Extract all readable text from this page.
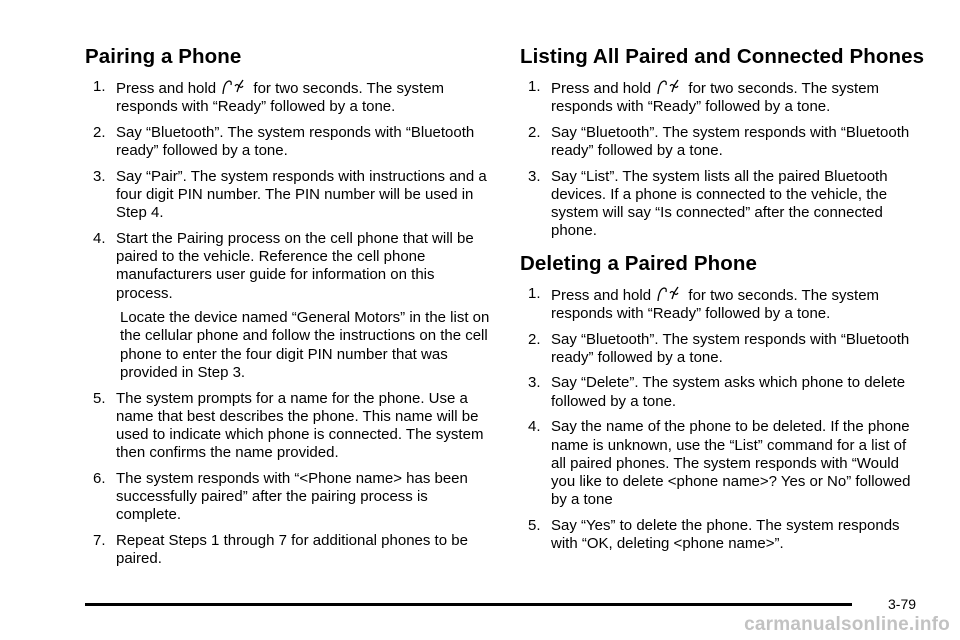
Pairing a Phone
1. Press and hold for two seconds. The system responds with “Ready” followed by a tone.
2. Say “Bluetooth”. The system responds with “Bluetooth ready” followed by a tone.
3. Say “Pair”. The system responds with instructions and a four digit PIN number. The PIN number will be used in Step 4.
4. Start the Pairing process on the cell phone that will be paired to the vehicle. Reference the cell phone manufacturers user guide for information on this process.

Locate the device named “General Motors” in the list on the cellular phone and follow the instructions on the cell phone to enter the four digit PIN number that was provided in Step 3.

5. The system prompts for a name for the phone. Use a name that best describes the phone. This name will be used to indicate which phone is connected. The system then confirms the name provided.
6. The system responds with “<Phone name> has been successfully paired” after the pairing process is complete.
7. Repeat Steps 1 through 7 for additional phones to be paired.
Listing All Paired and Connected Phones
1. Press and hold for two seconds. The system responds with “Ready” followed by a tone.
2. Say “Bluetooth”. The system responds with “Bluetooth ready” followed by a tone.
3. Say “List”. The system lists all the paired Bluetooth devices. If a phone is connected to the vehicle, the system will say “Is connected” after the connected phone.
Deleting a Paired Phone
1. Press and hold for two seconds. The system responds with “Ready” followed by a tone.
2. Say “Bluetooth”. The system responds with “Bluetooth ready” followed by a tone.
3. Say “Delete”. The system asks which phone to delete followed by a tone.
4. Say the name of the phone to be deleted. If the phone name is unknown, use the “List” command for a list of all paired phones. The system responds with “Would you like to delete <phone name>? Yes or No” followed by a tone
5. Say “Yes” to delete the phone. The system responds with “OK, deleting <phone name>”.
3-79
carmanualsonline.info
